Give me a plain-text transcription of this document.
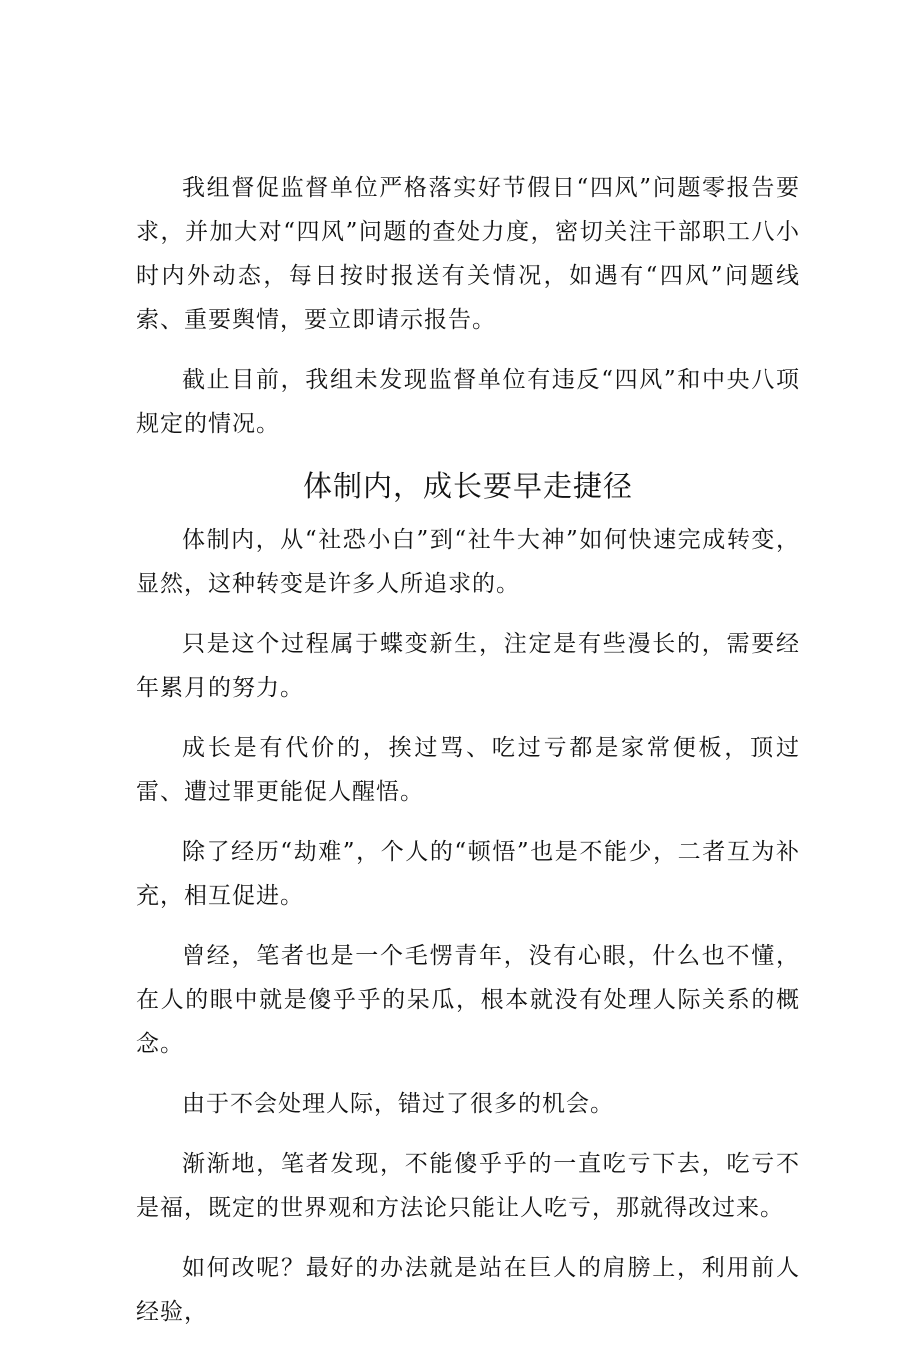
我组督促监督单位严格落实好节假日“四风”问题零报告要求，并加大对“四风”问题的查处力度，密切关注干部职工八小时内外动态，每日按时报送有关情况，如遇有“四风”问题线索、重要舆情，要立即请示报告。

截止目前，我组未发现监督单位有违反“四风”和中央八项规定的情况。

体制内，成长要早走捷径

体制内，从“社恐小白”到“社牛大神”如何快速完成转变，显然，这种转变是许多人所追求的。

只是这个过程属于蝶变新生，注定是有些漫长的，需要经年累月的努力。

成长是有代价的，挨过骂、吃过亏都是家常便板，顶过雷、遭过罪更能促人醒悟。

除了经历“劫难”，个人的“顿悟”也是不能少，二者互为补充，相互促进。

曾经，笔者也是一个毛愣青年，没有心眼，什么也不懂，在人的眼中就是傻乎乎的呆瓜，根本就没有处理人际关系的概念。

由于不会处理人际，错过了很多的机会。

渐渐地，笔者发现，不能傻乎乎的一直吃亏下去，吃亏不是福，既定的世界观和方法论只能让人吃亏，那就得改过来。

如何改呢？最好的办法就是站在巨人的肩膀上，利用前人经验，
